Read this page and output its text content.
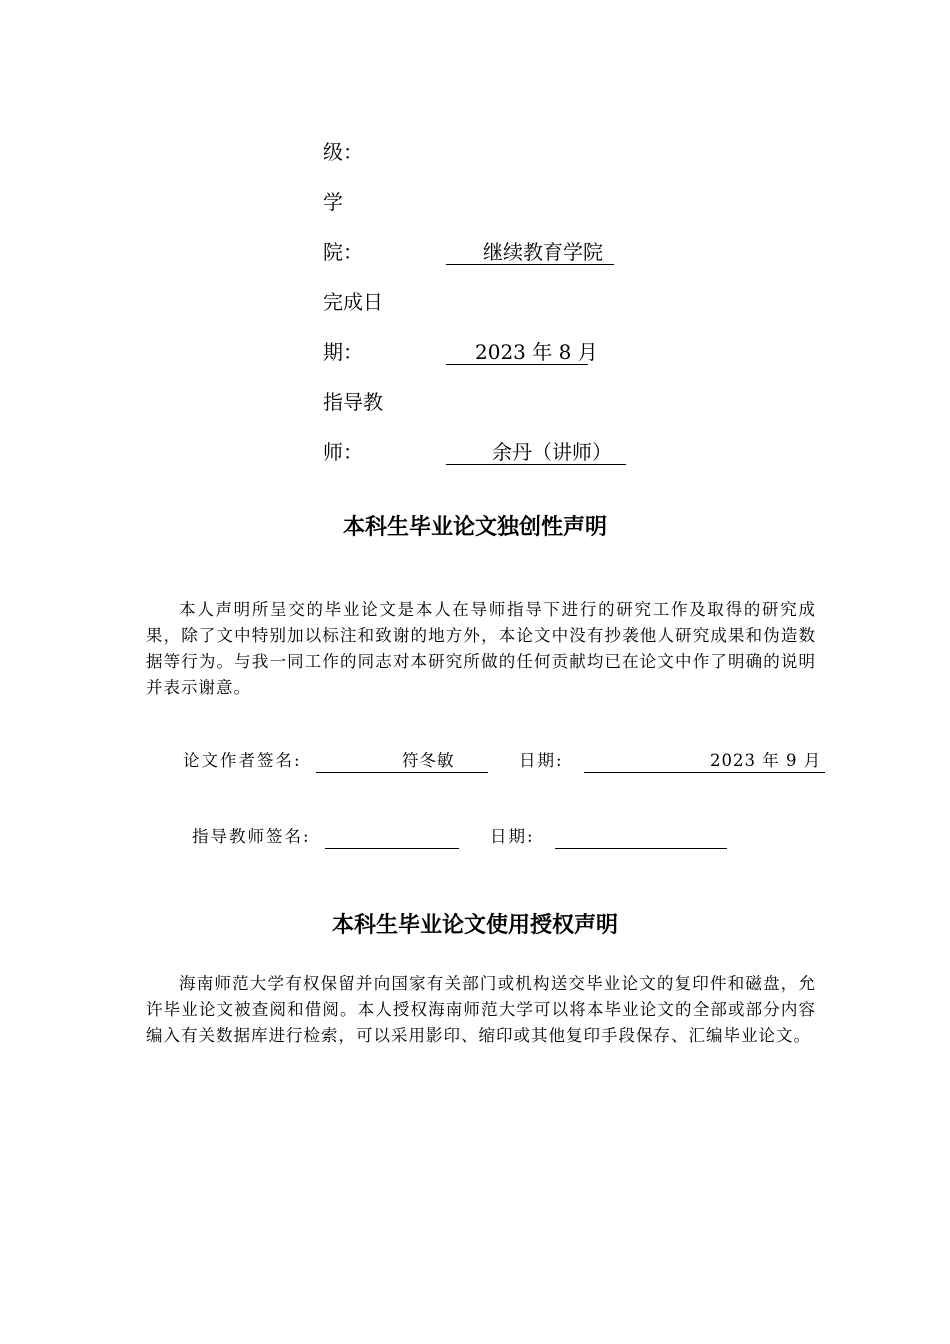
级：
学
院：	继续教育学院
完成日
期：	2023 年 8 月
指导教
师：	余丹（讲师）
本科生毕业论文独创性声明
本人声明所呈交的毕业论文是本人在导师指导下进行的研究工作及取得的研究成果，除了文中特别加以标注和致谢的地方外，本论文中没有抄袭他人研究成果和伪造数据等行为。与我一同工作的同志对本研究所做的任何贡献均已在论文中作了明确的说明并表示谢意。
论文作者签名:	符冬敏	日期:	2023 年 9 月
指导教师签名:	日期:
本科生毕业论文使用授权声明
海南师范大学有权保留并向国家有关部门或机构送交毕业论文的复印件和磁盘，允许毕业论文被查阅和借阅。本人授权海南师范大学可以将本毕业论文的全部或部分内容编入有关数据库进行检索，可以采用影印、缩印或其他复印手段保存、汇编毕业论文。
